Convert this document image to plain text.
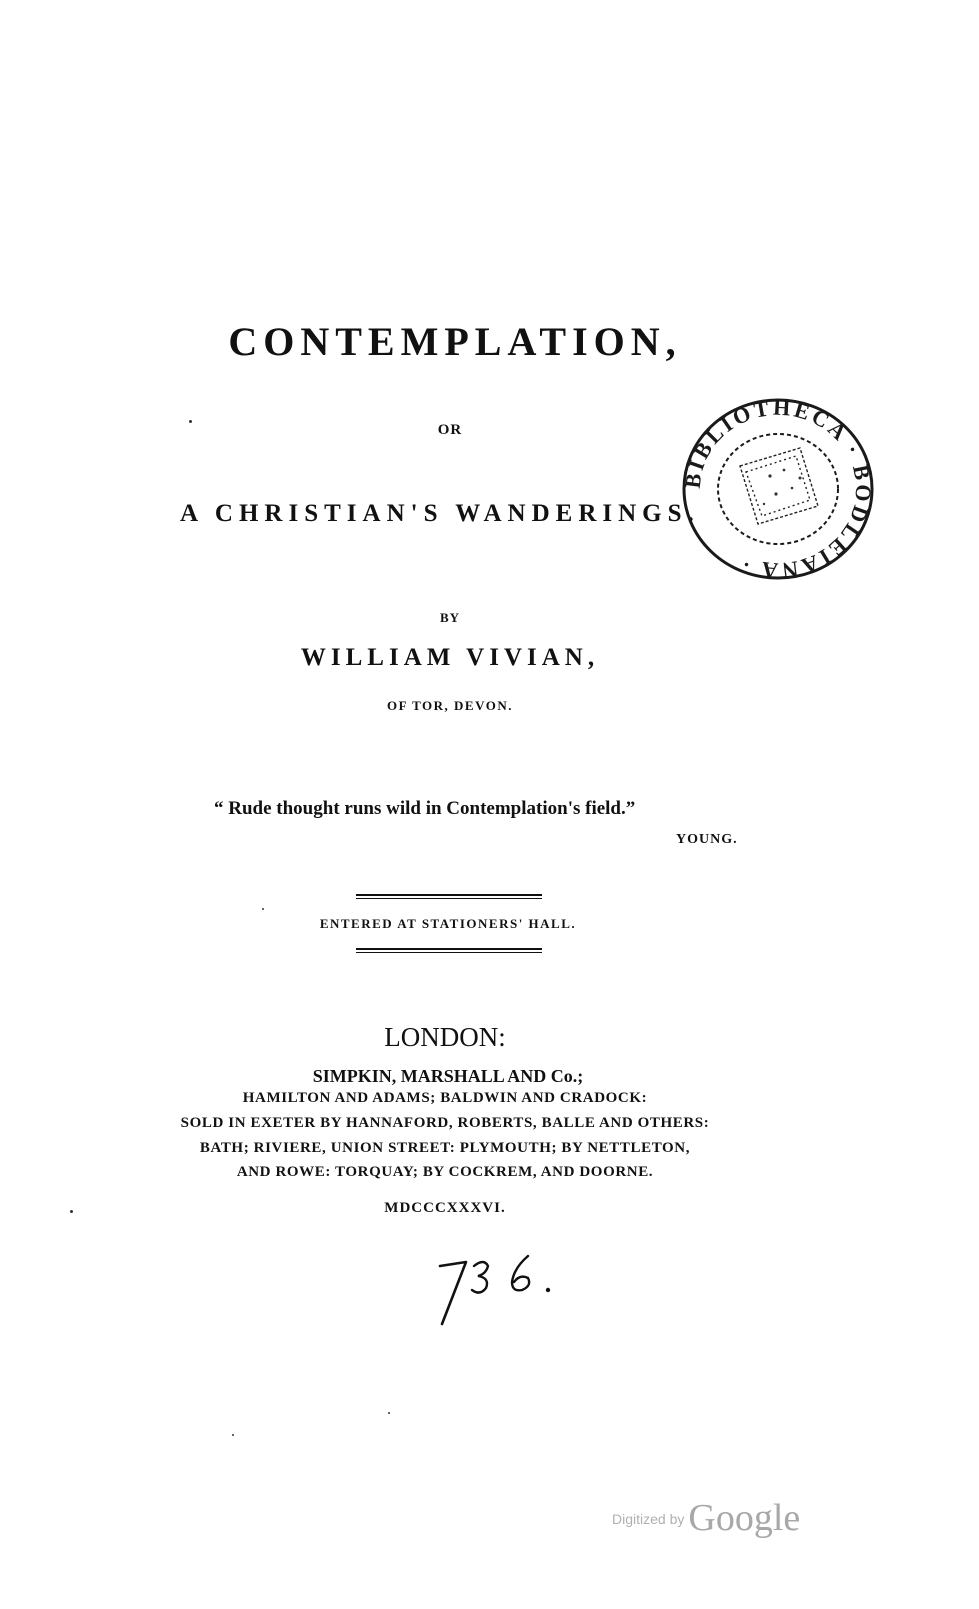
CONTEMPLATION,
OR
A CHRISTIAN'S WANDERINGS.
BY
WILLIAM VIVIAN,
OF TOR, DEVON.
“ Rude thought runs wild in Contemplation's field.”
YOUNG.
ENTERED AT STATIONERS' HALL.
LONDON:
SIMPKIN, MARSHALL AND Co.;
HAMILTON AND ADAMS; BALDWIN AND CRADOCK:
SOLD IN EXETER BY HANNAFORD, ROBERTS, BALLE AND OTHERS:
BATH; RIVIERE, UNION STREET: PLYMOUTH; BY NETTLETON,
AND ROWE: TORQUAY; BY COCKREM, AND DOORNE.
MDCCCXXXVI.
BIBLIOTHECA · BODLEIANA ·
Digitized by Google
